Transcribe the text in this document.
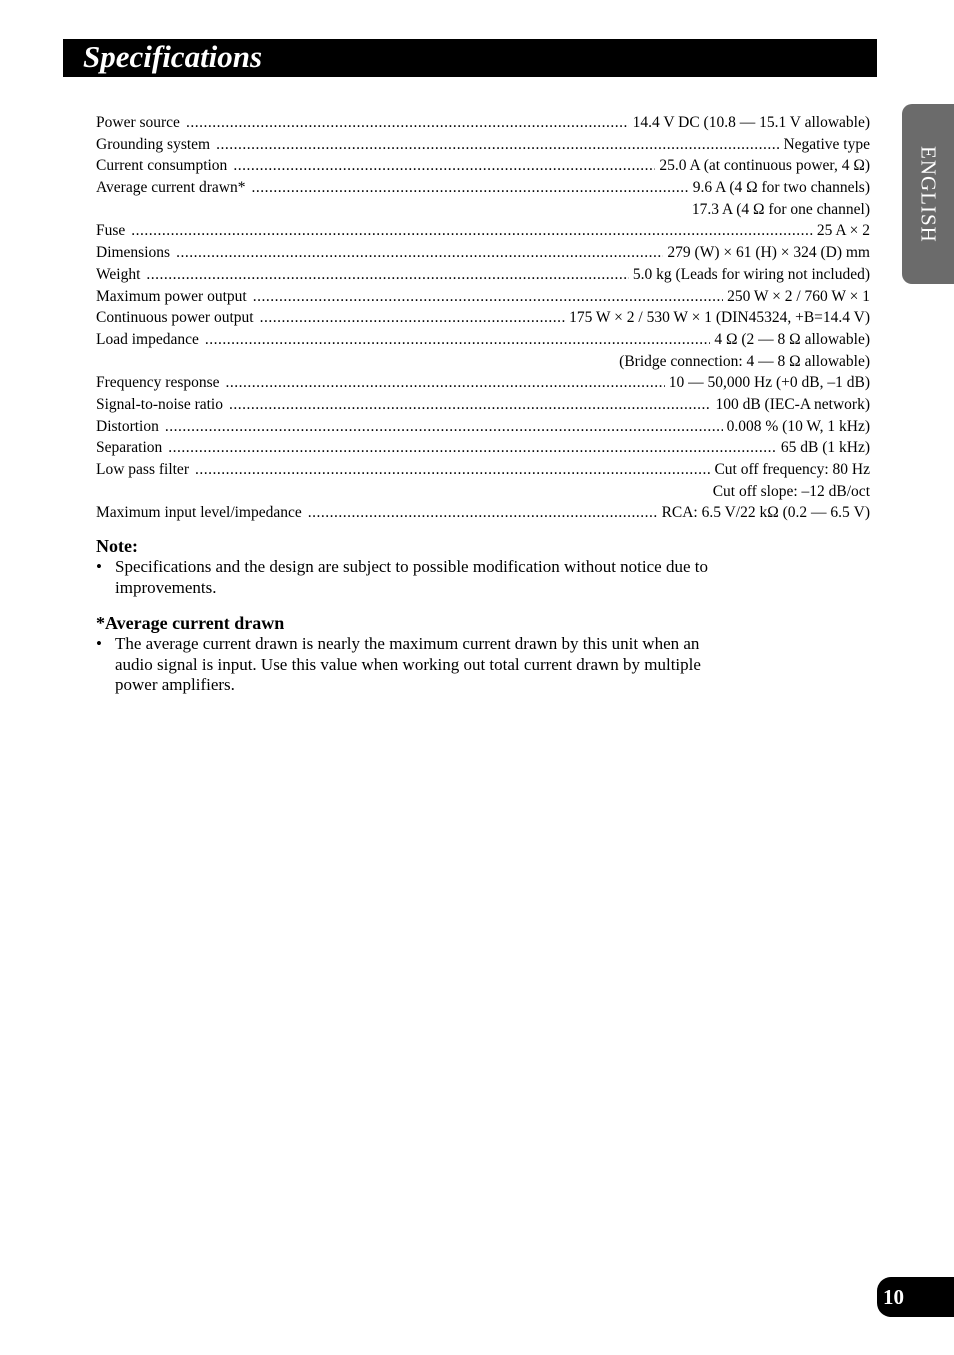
Specifications
ENGLISH
Power source .....	14.4 V DC (10.8 — 15.1 V allowable)
Grounding system .....	Negative type
Current consumption .....	25.0 A (at continuous power, 4 Ω)
Average current drawn* .....	9.6 A (4 Ω for two channels)
17.3 A (4 Ω for one channel)
Fuse .....	25 A × 2
Dimensions .....	279 (W) × 61 (H) × 324 (D) mm
Weight .....	5.0 kg (Leads for wiring not included)
Maximum power output .....	250 W × 2 / 760 W × 1
Continuous power output .....	175 W × 2 / 530 W × 1 (DIN45324, +B=14.4 V)
Load impedance .....	4 Ω (2 — 8 Ω allowable)
(Bridge connection: 4 — 8 Ω allowable)
Frequency response .....	10 — 50,000 Hz (+0 dB, –1 dB)
Signal-to-noise ratio .....	100 dB (IEC-A network)
Distortion .....	0.008 % (10 W, 1 kHz)
Separation .....	65 dB (1 kHz)
Low pass filter .....	Cut off frequency: 80 Hz
Cut off slope: –12 dB/oct
Maximum input level/impedance .....	RCA: 6.5 V/22 kΩ (0.2 — 6.5 V)
Note:
• Specifications and the design are subject to possible modification without notice due to improvements.
*Average current drawn
• The average current drawn is nearly the maximum current drawn by this unit when an audio signal is input. Use this value when working out total current drawn by multiple power amplifiers.
10
